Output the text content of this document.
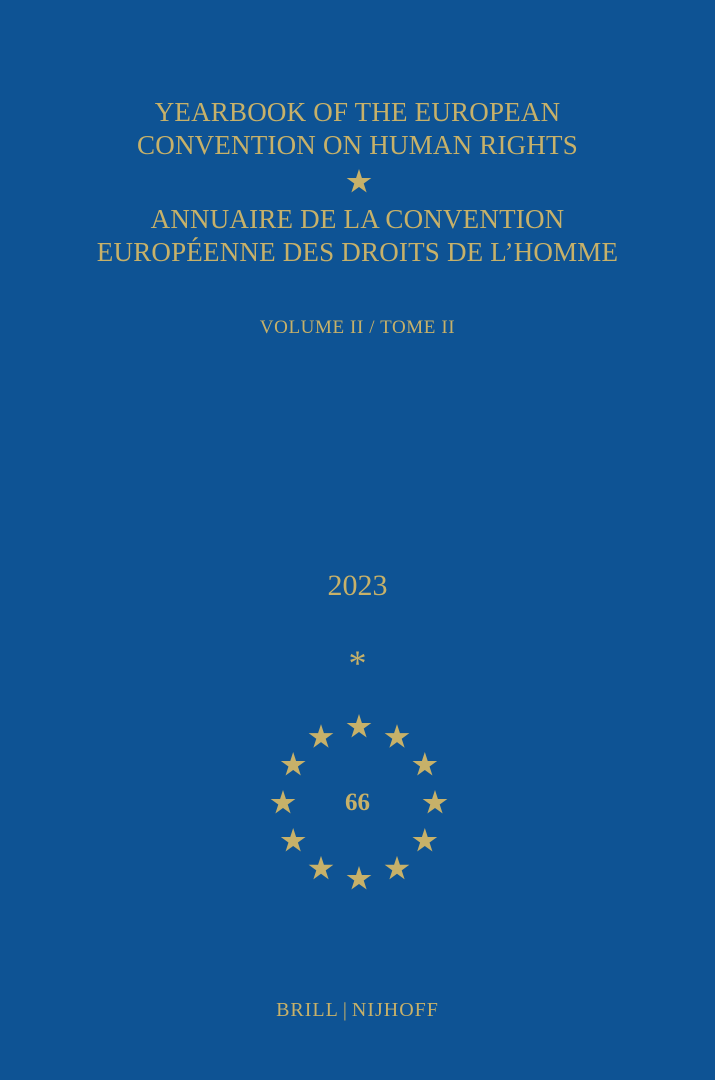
YEARBOOK OF THE EUROPEAN
CONVENTION ON HUMAN RIGHTS
ANNUAIRE DE LA CONVENTION
EUROPÉENNE DES DROITS DE L’HOMME
VOLUME II / TOME II
2023
*
66
BRILL | NIJHOFF
